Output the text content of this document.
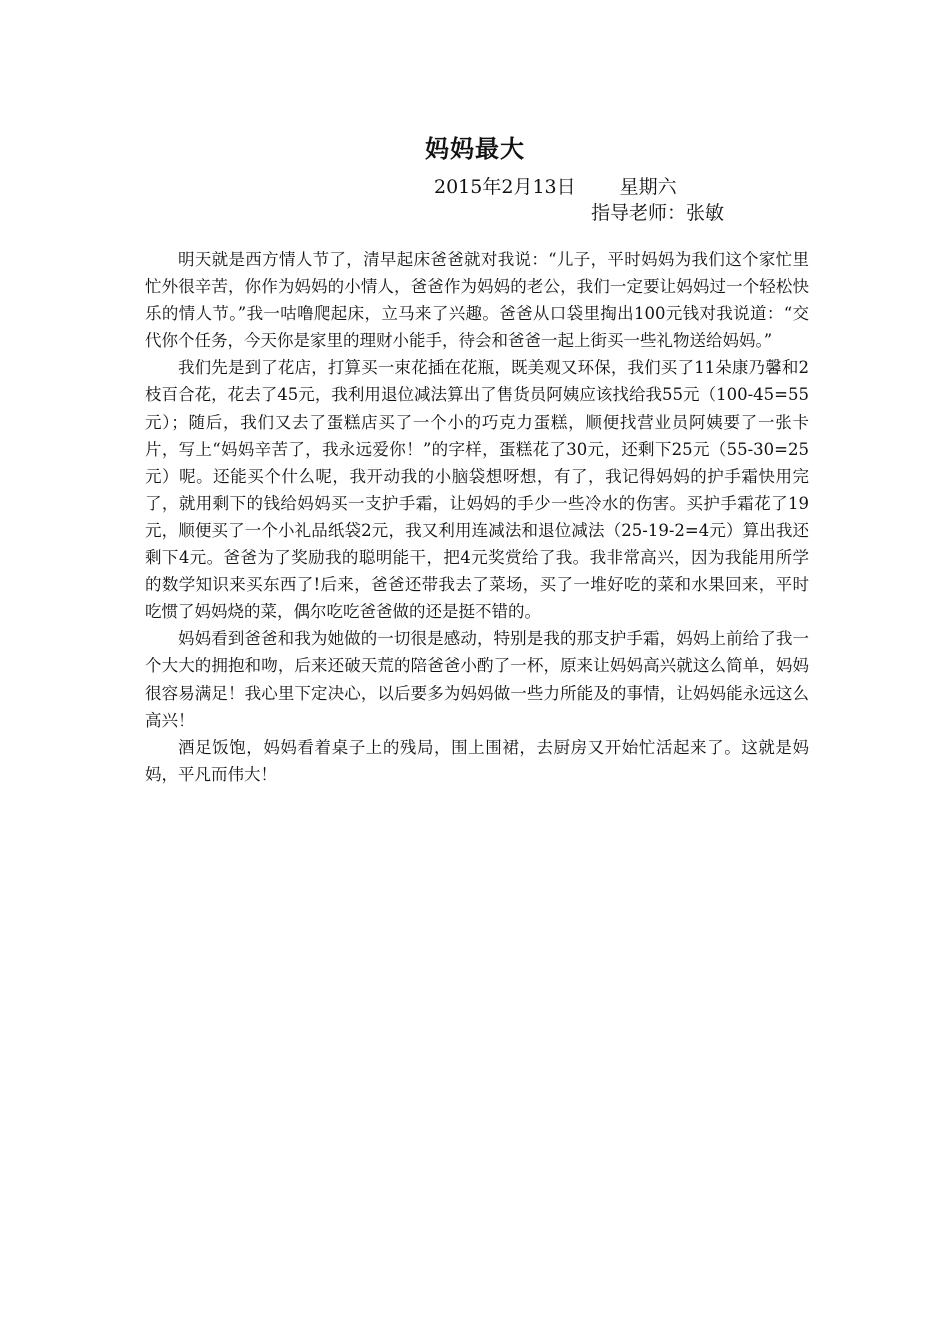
妈妈最大
2015年2月13日 星期六
指导老师：张敏

明天就是西方情人节了，清早起床爸爸就对我说：“儿子，平时妈妈为我们这个家忙里忙外很辛苦，你作为妈妈的小情人，爸爸作为妈妈的老公，我们一定要让妈妈过一个轻松快乐的情人节。”我一咕噜爬起床，立马来了兴趣。爸爸从口袋里掏出100元钱对我说道：“交代你个任务，今天你是家里的理财小能手，待会和爸爸一起上街买一些礼物送给妈妈。”

我们先是到了花店，打算买一束花插在花瓶，既美观又环保，我们买了11朵康乃馨和2枝百合花，花去了45元，我利用退位减法算出了售货员阿姨应该找给我55元（100-45=55元）；随后，我们又去了蛋糕店买了一个小的巧克力蛋糕，顺便找营业员阿姨要了一张卡片，写上“妈妈辛苦了，我永远爱你！”的字样，蛋糕花了30元，还剩下25元（55-30=25元）呢。还能买个什么呢，我开动我的小脑袋想呀想，有了，我记得妈妈的护手霜快用完了，就用剩下的钱给妈妈买一支护手霜，让妈妈的手少一些冷水的伤害。买护手霜花了19元，顺便买了一个小礼品纸袋2元，我又利用连减法和退位减法（25-19-2=4元）算出我还剩下4元。爸爸为了奖励我的聪明能干，把4元奖赏给了我。我非常高兴，因为我能用所学的数学知识来买东西了!后来，爸爸还带我去了菜场，买了一堆好吃的菜和水果回来，平时吃惯了妈妈烧的菜，偶尔吃吃爸爸做的还是挺不错的。

妈妈看到爸爸和我为她做的一切很是感动，特别是我的那支护手霜，妈妈上前给了我一个大大的拥抱和吻，后来还破天荒的陪爸爸小酌了一杯，原来让妈妈高兴就这么简单，妈妈很容易满足！我心里下定决心，以后要多为妈妈做一些力所能及的事情，让妈妈能永远这么高兴！

酒足饭饱，妈妈看着桌子上的残局，围上围裙，去厨房又开始忙活起来了。这就是妈妈，平凡而伟大！
